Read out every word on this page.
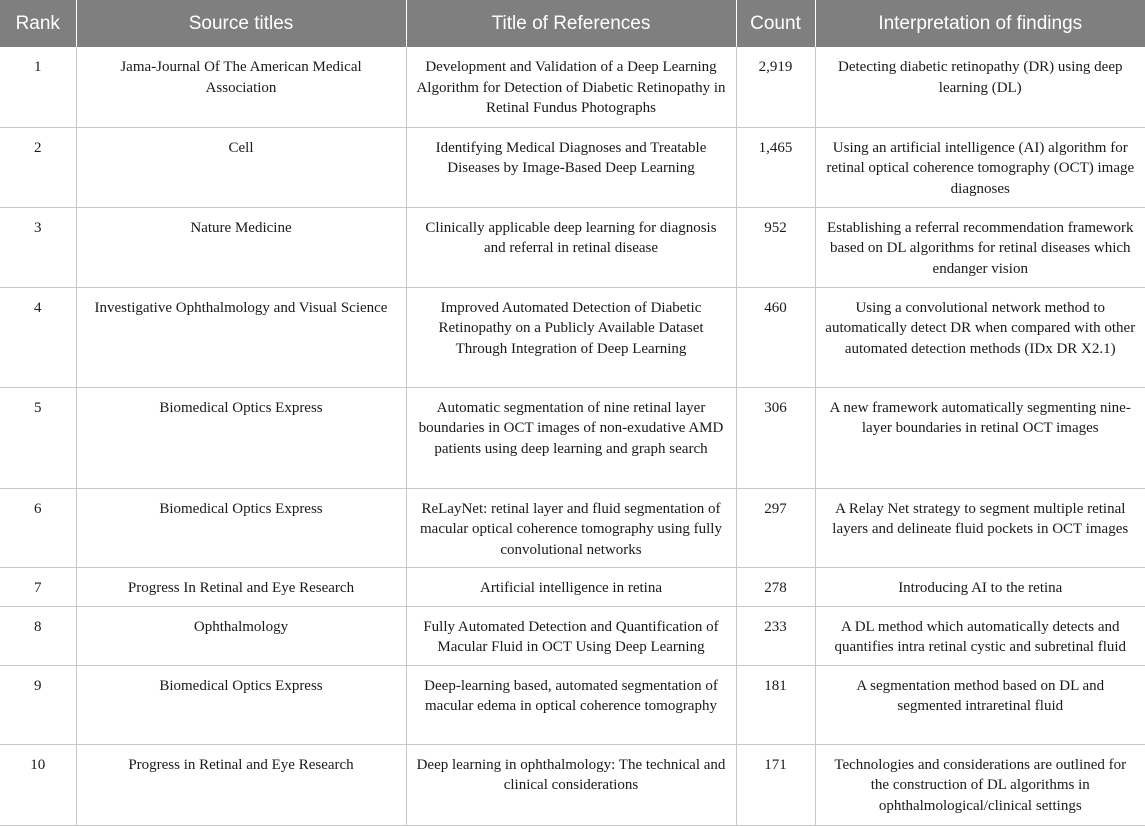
Rank	Source titles	Title of References	Count	Interpretation of findings
1	Jama-Journal Of The American Medical Association	Development and Validation of a Deep Learning Algorithm for Detection of Diabetic Retinopathy in Retinal Fundus Photographs	2,919	Detecting diabetic retinopathy (DR) using deep learning (DL)
2	Cell	Identifying Medical Diagnoses and Treatable Diseases by Image-Based Deep Learning	1,465	Using an artificial intelligence (AI) algorithm for retinal optical coherence tomography (OCT) image diagnoses
3	Nature Medicine	Clinically applicable deep learning for diagnosis and referral in retinal disease	952	Establishing a referral recommendation framework based on DL algorithms for retinal diseases which endanger vision
4	Investigative Ophthalmology and Visual Science	Improved Automated Detection of Diabetic Retinopathy on a Publicly Available Dataset Through Integration of Deep Learning	460	Using a convolutional network method to automatically detect DR when compared with other automated detection methods (IDx DR X2.1)
5	Biomedical Optics Express	Automatic segmentation of nine retinal layer boundaries in OCT images of non-exudative AMD patients using deep learning and graph search	306	A new framework automatically segmenting nine-layer boundaries in retinal OCT images
6	Biomedical Optics Express	ReLayNet: retinal layer and fluid segmentation of macular optical coherence tomography using fully convolutional networks	297	A Relay Net strategy to segment multiple retinal layers and delineate fluid pockets in OCT images
7	Progress In Retinal and Eye Research	Artificial intelligence in retina	278	Introducing AI to the retina
8	Ophthalmology	Fully Automated Detection and Quantification of Macular Fluid in OCT Using Deep Learning	233	A DL method which automatically detects and quantifies intra retinal cystic and subretinal fluid
9	Biomedical Optics Express	Deep-learning based, automated segmentation of macular edema in optical coherence tomography	181	A segmentation method based on DL and segmented intraretinal fluid
10	Progress in Retinal and Eye Research	Deep learning in ophthalmology: The technical and clinical considerations	171	Technologies and considerations are outlined for the construction of DL algorithms in ophthalmological/clinical settings
